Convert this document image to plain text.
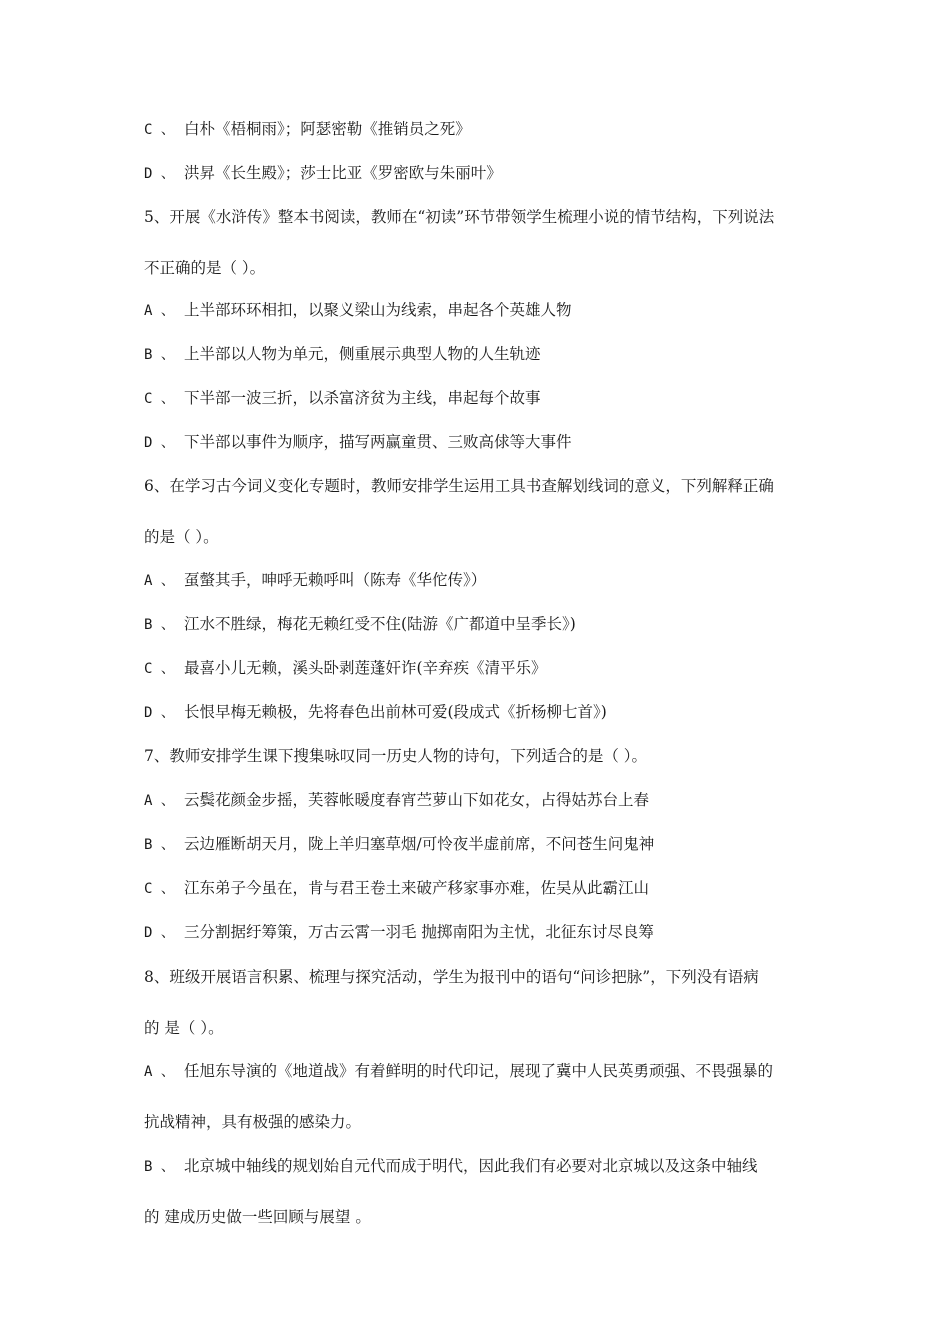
C 、 白朴《梧桐雨》；阿瑟密勒《推销员之死》
D 、 洪昇《长生殿》；莎士比亚《罗密欧与朱丽叶》
5、开展《水浒传》整本书阅读，教师在“初读”环节带领学生梳理小说的情节结构，下列说法
不正确的是（ ）。
A 、 上半部环环相扣，以聚义梁山为线索，串起各个英雄人物
B 、 上半部以人物为单元，侧重展示典型人物的人生轨迹
C 、 下半部一波三折，以杀富济贫为主线，串起每个故事
D 、 下半部以事件为顺序，描写两赢童贯、三败高俅等大事件
6、在学习古今词义变化专题时，教师安排学生运用工具书查解划线词的意义，下列解释正确
的是（ ）。
A 、 虿螫其手，呻呼无赖呼叫（陈寿《华佗传》）
B 、 江水不胜绿，梅花无赖红受不住(陆游《广都道中呈季长》)
C 、 最喜小儿无赖，溪头卧剥莲蓬奸诈(辛弃疾《清平乐》
D 、 长恨早梅无赖极，先将春色出前林可爱(段成式《折杨柳七首》)
7、教师安排学生课下搜集咏叹同一历史人物的诗句，下列适合的是（ ）。
A 、 云鬓花颜金步摇，芙蓉帐暖度春宵苎萝山下如花女，占得姑苏台上春
B 、 云边雁断胡天月，陇上羊归塞草烟/可怜夜半虚前席，不问苍生问鬼神
C 、 江东弟子今虽在，肯与君王卷土来破产移家事亦难，佐吴从此霸江山
D 、 三分割据纡筹策，万古云霄一羽毛 抛掷南阳为主忧，北征东讨尽良筹
8、班级开展语言积累、梳理与探究活动，学生为报刊中的语句“问诊把脉”，下列没有语病
的 是（ ）。
A 、 任旭东导演的《地道战》有着鲜明的时代印记，展现了冀中人民英勇顽强、不畏强暴的
抗战精神，具有极强的感染力。
B 、 北京城中轴线的规划始自元代而成于明代，因此我们有必要对北京城以及这条中轴线
的 建成历史做一些回顾与展望 。
